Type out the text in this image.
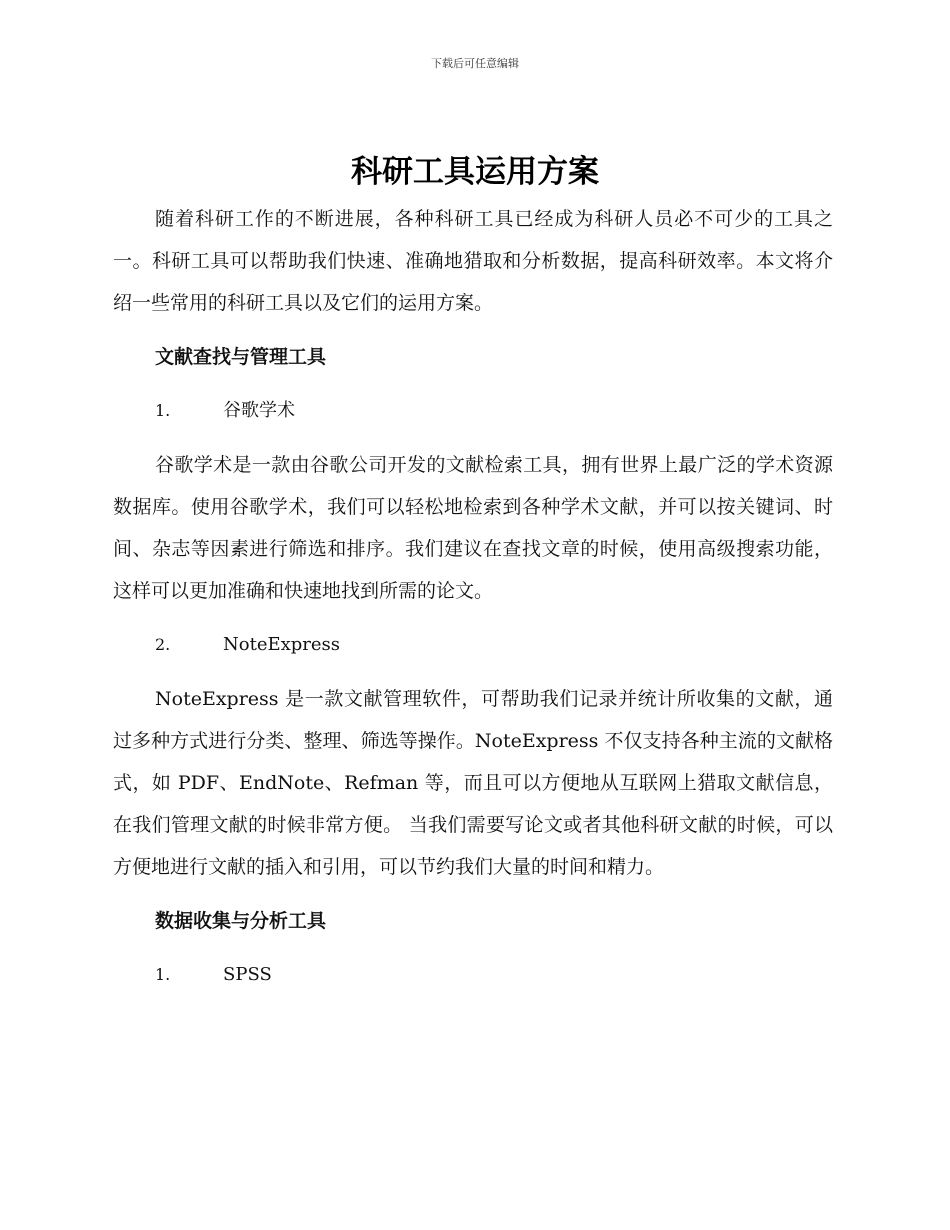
下载后可任意编辑
科研工具运用方案

随着科研工作的不断进展，各种科研工具已经成为科研人员必不可少的工具之一。科研工具可以帮助我们快速、准确地猎取和分析数据，提高科研效率。本文将介绍一些常用的科研工具以及它们的运用方案。

文献查找与管理工具
1.	谷歌学术

谷歌学术是一款由谷歌公司开发的文献检索工具，拥有世界上最广泛的学术资源数据库。使用谷歌学术，我们可以轻松地检索到各种学术文献，并可以按关键词、时间、杂志等因素进行筛选和排序。我们建议在查找文章的时候，使用高级搜索功能，这样可以更加准确和快速地找到所需的论文。

2.	NoteExpress

NoteExpress 是一款文献管理软件，可帮助我们记录并统计所收集的文献，通过多种方式进行分类、整理、筛选等操作。NoteExpress 不仅支持各种主流的文献格式，如 PDF、EndNote、Refman 等，而且可以方便地从互联网上猎取文献信息，在我们管理文献的时候非常方便。 当我们需要写论文或者其他科研文献的时候，可以方便地进行文献的插入和引用，可以节约我们大量的时间和精力。

数据收集与分析工具
1.	SPSS
